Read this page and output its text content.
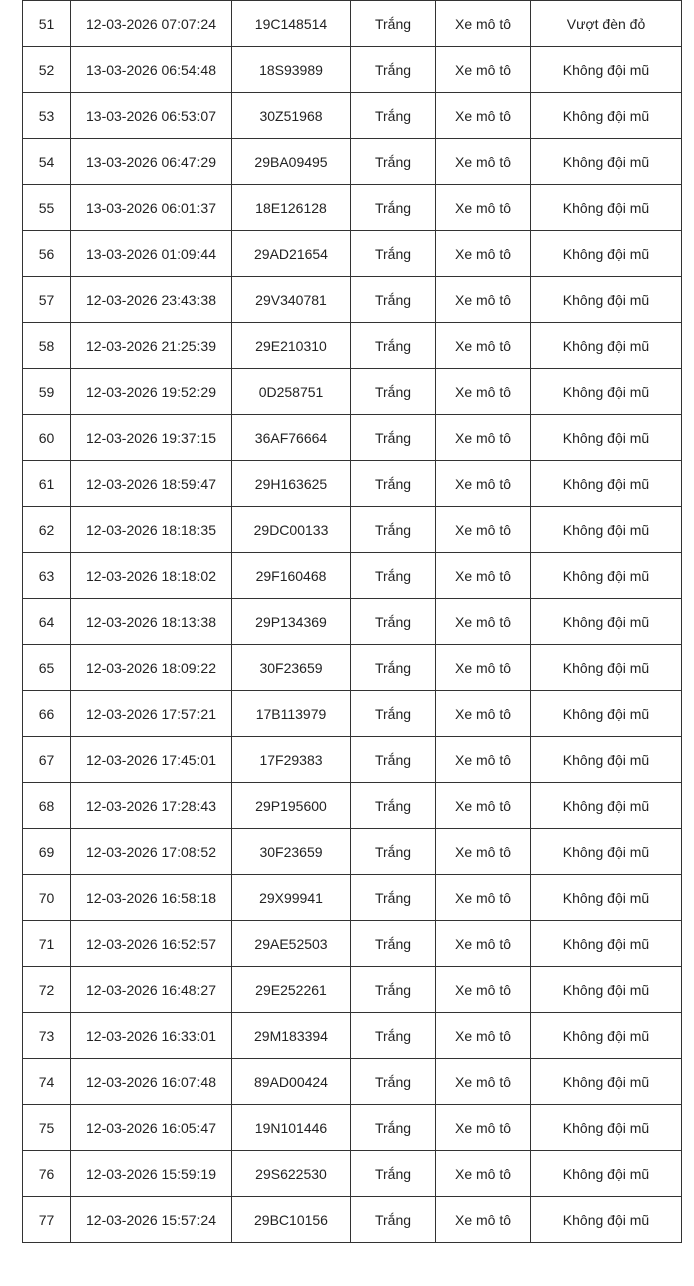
51	12-03-2026 07:07:24	19C148514	Trắng	Xe mô tô	Vượt đèn đỏ
52	13-03-2026 06:54:48	18S93989	Trắng	Xe mô tô	Không đội mũ
53	13-03-2026 06:53:07	30Z51968	Trắng	Xe mô tô	Không đội mũ
54	13-03-2026 06:47:29	29BA09495	Trắng	Xe mô tô	Không đội mũ
55	13-03-2026 06:01:37	18E126128	Trắng	Xe mô tô	Không đội mũ
56	13-03-2026 01:09:44	29AD21654	Trắng	Xe mô tô	Không đội mũ
57	12-03-2026 23:43:38	29V340781	Trắng	Xe mô tô	Không đội mũ
58	12-03-2026 21:25:39	29E210310	Trắng	Xe mô tô	Không đội mũ
59	12-03-2026 19:52:29	0D258751	Trắng	Xe mô tô	Không đội mũ
60	12-03-2026 19:37:15	36AF76664	Trắng	Xe mô tô	Không đội mũ
61	12-03-2026 18:59:47	29H163625	Trắng	Xe mô tô	Không đội mũ
62	12-03-2026 18:18:35	29DC00133	Trắng	Xe mô tô	Không đội mũ
63	12-03-2026 18:18:02	29F160468	Trắng	Xe mô tô	Không đội mũ
64	12-03-2026 18:13:38	29P134369	Trắng	Xe mô tô	Không đội mũ
65	12-03-2026 18:09:22	30F23659	Trắng	Xe mô tô	Không đội mũ
66	12-03-2026 17:57:21	17B113979	Trắng	Xe mô tô	Không đội mũ
67	12-03-2026 17:45:01	17F29383	Trắng	Xe mô tô	Không đội mũ
68	12-03-2026 17:28:43	29P195600	Trắng	Xe mô tô	Không đội mũ
69	12-03-2026 17:08:52	30F23659	Trắng	Xe mô tô	Không đội mũ
70	12-03-2026 16:58:18	29X99941	Trắng	Xe mô tô	Không đội mũ
71	12-03-2026 16:52:57	29AE52503	Trắng	Xe mô tô	Không đội mũ
72	12-03-2026 16:48:27	29E252261	Trắng	Xe mô tô	Không đội mũ
73	12-03-2026 16:33:01	29M183394	Trắng	Xe mô tô	Không đội mũ
74	12-03-2026 16:07:48	89AD00424	Trắng	Xe mô tô	Không đội mũ
75	12-03-2026 16:05:47	19N101446	Trắng	Xe mô tô	Không đội mũ
76	12-03-2026 15:59:19	29S622530	Trắng	Xe mô tô	Không đội mũ
77	12-03-2026 15:57:24	29BC10156	Trắng	Xe mô tô	Không đội mũ
